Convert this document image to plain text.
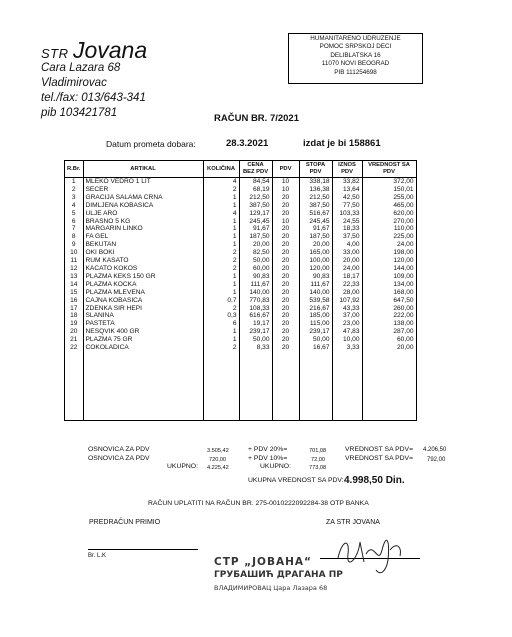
STR Jovana
Cara Lazara 68
Vladimirovac
tel./fax: 013/643-341
pib 103421781
HUMANITARENO UDRUZENJE
POMOC SRPSKOJ DECI
DELIBLATSKA 16
11070 NOVI BEOGRAD
PIB 111254698
RAČUN BR. 7/2021
Datum prometa dobara:	28.3.2021	izdat je bi 158861
R.Br.	ARTIKAL	KOLIČINA	CENA BEZ PDV	PDV	STOPA PDV	IZNOS PDV	VREDNOST SA PDV
1	MLEKO VEDRO 1 LIT	4	84,54	10	338,18	33,82	372,00
2	ŠEĆER	2	68,19	10	136,38	13,64	150,01
3	GRAČIJA SALAMA CRNA	1	212,50	20	212,50	42,50	255,00
4	DIMLJENA KOBASICA	1	387,50	20	387,50	77,50	465,00
5	ULJE ARO	4	129,17	20	516,67	103,33	620,00
6	BRASNO 5 KG	1	245,45	10	245,45	24,55	270,00
7	MARGARIN LINKO	1	91,67	20	91,67	18,33	110,00
8	FA GEL	1	187,50	20	187,50	37,50	225,00
9	BEKUTAN	1	20,00	20	20,00	4,00	24,00
10	OKI BOKI	2	82,50	20	165,00	33,00	198,00
11	RUM KASATO	2	50,00	20	100,00	20,00	120,00
12	KAČATO KOKOS	2	60,00	20	120,00	24,00	144,00
13	PLAZMA KEKS 150 GR	1	90,83	20	90,83	18,17	109,00
14	PLAZMA KOCKA	1	111,67	20	111,67	22,33	134,00
15	PLAZMA MLEVENA	1	140,00	20	140,00	28,00	168,00
16	ČAJNA KOBASICA	0,7	770,83	20	539,58	107,92	647,50
17	ZDENKA SIR HEPI	2	108,33	20	216,67	43,33	260,00
18	SLANINA	0,3	616,67	20	185,00	37,00	222,00
19	PAŠTETA	6	19,17	20	115,00	23,00	138,00
20	NESQVIK 400 GR	1	239,17	20	239,17	47,83	287,00
21	PLAZMA 75 GR	1	50,00	20	50,00	10,00	60,00
22	ČOKOLADICA	2	8,33	20	16,67	3,33	20,00

OSNOVICA ZA PDV	3.505,42	+ PDV 20%=	701,08	VREDNOST SA PDV= 4.206,50
OSNOVICA ZA PDV	720,00	+ PDV 10%=	72,00	VREDNOST SA PDV= 792,00
UKUPNO: 4.225,42	UKUPNO:	773,08
UKUPNA VREDNOST SA PDV: 4.998,50 Din.
RAČUN UPLATITI NA RAČUN BR. 275-0010222092284-38 OTP BANKA
PREDRAČUN PRIMIO	ZA STR JOVANA
Br. L.K	СТР „ЈОВАНА“
ГРУБАШИЋ ДРАГАНА ПР
ВЛАДИМИРОВАЦ Цара Лазара 68
